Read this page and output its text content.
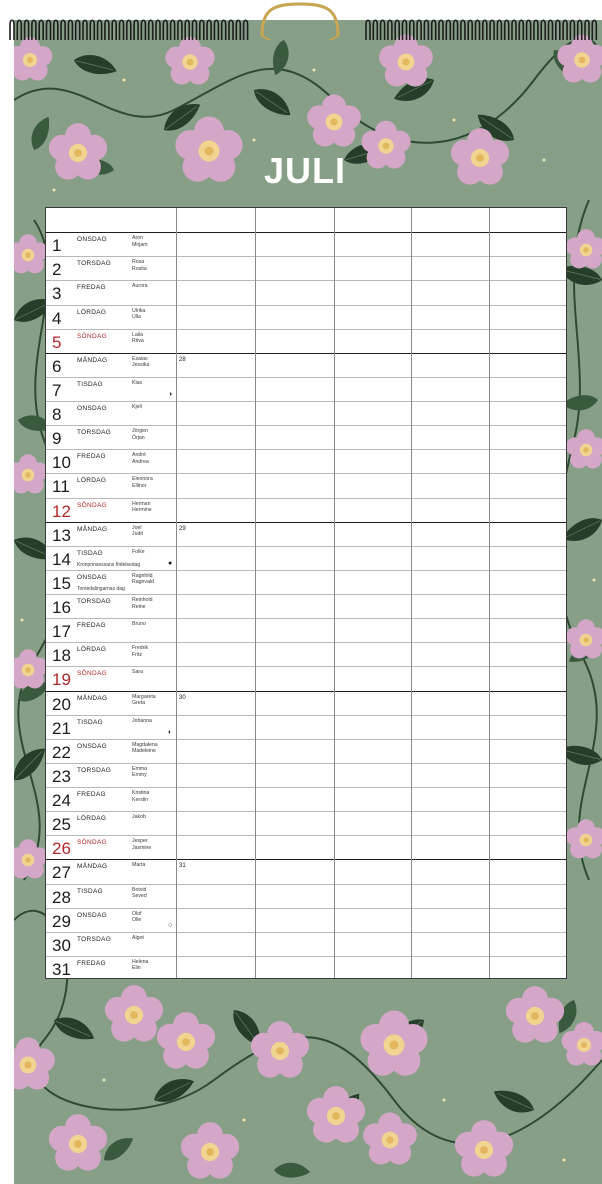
JULI
1 ONSDAG	Aron
Mirjam
2 TORSDAG	Rosa
Rosita
3 FREDAG	Aurora
4 LÖRDAG	Ulrika
Ulla
5 SÖNDAG	Laila
Ritva
6 MÅNDAG	Esaias
Jessika
28
7 TISDAG	Klas
◑
8 ONSDAG	Kjell
9 TORSDAG	Jörgen
Örjan
10 FREDAG	André
Andrea
11 LÖRDAG	Eleonora
Ellinor
12 SÖNDAG	Herman
Hermine
13 MÅNDAG	Joel
Judit
29
14 TISDAG	Folke
Kronprinsessans födelsedag	●
15 ONSDAG	Ragnhild
Ragnvald
Tomedalingarnas dag
16 TORSDAG	Reinhold
Reine
17 FREDAG	Bruno
18 LÖRDAG	Fredrik
Fritz
19 SÖNDAG	Sara
20 MÅNDAG	Margareta
Greta
30
21 TISDAG	Johanna
◐
22 ONSDAG	Magdalena
Madeleine
23 TORSDAG	Emma
Emmy
24 FREDAG	Kristina
Kerstin
25 LÖRDAG	Jakob
26 SÖNDAG	Jesper
Jasmine
27 MÅNDAG	Marta	31
28 TISDAG	Botvid
Seved
29 ONSDAG	Olof
Olle
○
30 TORSDAG	Algot
31 FREDAG	Helena
Elin
